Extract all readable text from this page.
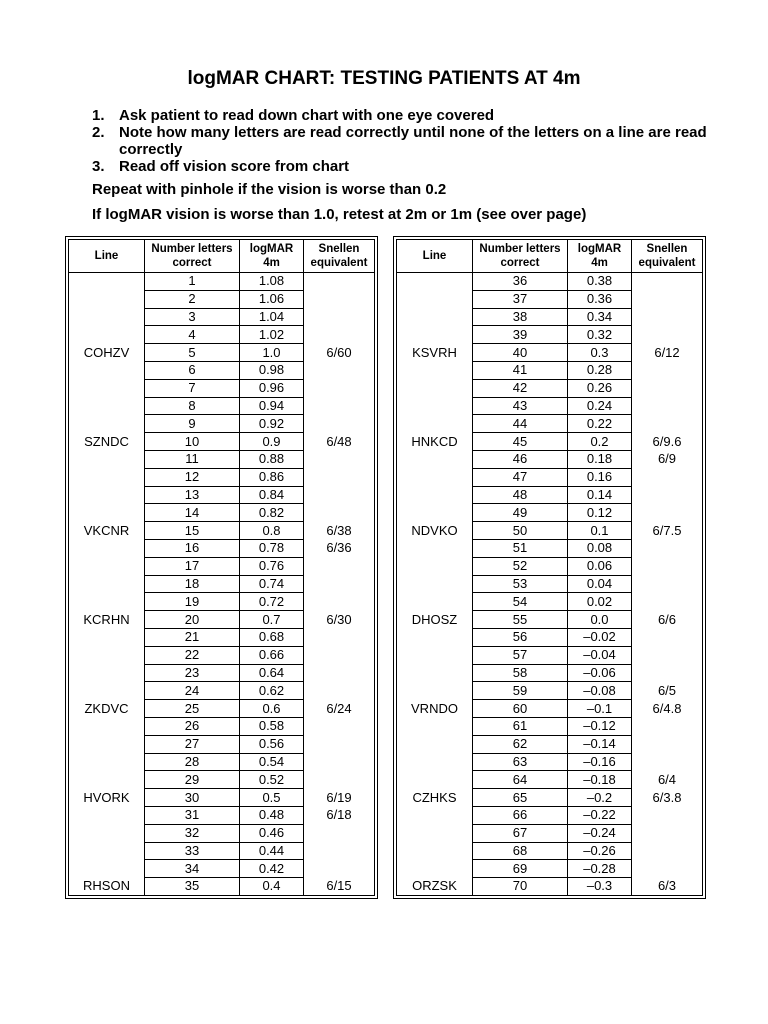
logMAR CHART: TESTING PATIENTS AT 4m
1. Ask patient to read down chart with one eye covered
2. Note how many letters are read correctly until none of the letters on a line are read correctly
3. Read off vision score from chart
Repeat with pinhole if the vision is worse than 0.2
If logMAR vision is worse than 1.0, retest at 2m or 1m (see over page)
Line	Number letters correct	logMAR 4m	Snellen equivalent
	1	1.08	
	2	1.06	
	3	1.04	
	4	1.02	
COHZV	5	1.0	6/60
	6	0.98	
	7	0.96	
	8	0.94	
	9	0.92	
SZNDC	10	0.9	6/48
	11	0.88	
	12	0.86	
	13	0.84	
	14	0.82	
VKCNR	15	0.8	6/38
	16	0.78	6/36
	17	0.76	
	18	0.74	
	19	0.72	
KCRHN	20	0.7	6/30
	21	0.68	
	22	0.66	
	23	0.64	
	24	0.62	
ZKDVC	25	0.6	6/24
	26	0.58	
	27	0.56	
	28	0.54	
	29	0.52	
HVORK	30	0.5	6/19
	31	0.48	6/18
	32	0.46	
	33	0.44	
	34	0.42	
RHSON	35	0.4	6/15
Line	Number letters correct	logMAR 4m	Snellen equivalent
	36	0.38	
	37	0.36	
	38	0.34	
	39	0.32	
KSVRH	40	0.3	6/12
	41	0.28	
	42	0.26	
	43	0.24	
	44	0.22	
HNKCD	45	0.2	6/9.6
	46	0.18	6/9
	47	0.16	
	48	0.14	
	49	0.12	
NDVKO	50	0.1	6/7.5
	51	0.08	
	52	0.06	
	53	0.04	
	54	0.02	
DHOSZ	55	0.0	6/6
	56	–0.02	
	57	–0.04	
	58	–0.06	
	59	–0.08	6/5
VRNDO	60	–0.1	6/4.8
	61	–0.12	
	62	–0.14	
	63	–0.16	
	64	–0.18	6/4
CZHKS	65	–0.2	6/3.8
	66	–0.22	
	67	–0.24	
	68	–0.26	
	69	–0.28	
ORZSK	70	–0.3	6/3
